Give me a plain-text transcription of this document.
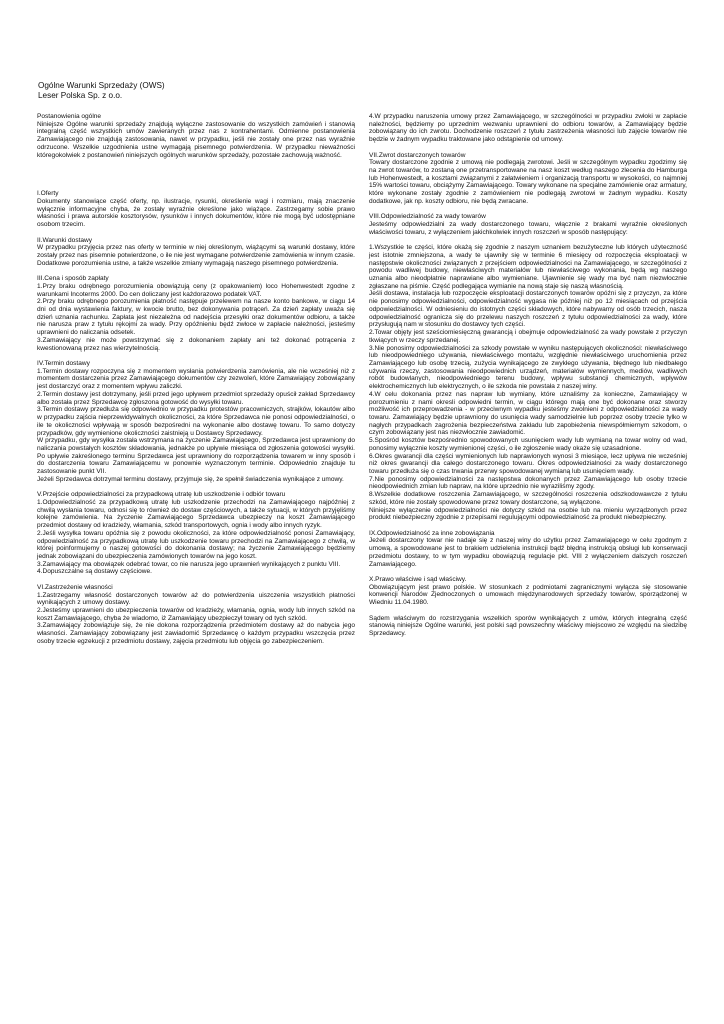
Ogólne Warunki Sprzedaży (OWS)
Leser Polska Sp. z o.o.
Postanowienia ogólne
Niniejsze Ogólne warunki sprzedaży znajdują wyłączne zastosowanie do wszystkich zamówień i stanowią integralną część wszystkich umów zawieranych przez nas z kontrahentami. Odmienne postanowienia Zamawiającego nie znajdują zastosowania, nawet w przypadku, jeśli nie zostały one przez nas wyraźnie odrzucone. Wszelkie uzgodnienia ustne wymagają pisemnego potwierdzenia. W przypadku nieważności któregokolwiek z postanowień niniejszych ogólnych warunków sprzedaży, pozostałe zachowują ważność.
I.Oferty
Dokumenty stanowiące część oferty, np. ilustracje, rysunki, określenie wagi i rozmiaru, mają znaczenie wyłącznie informacyjne chyba, że zostały wyraźnie określone jako wiążące. Zastrzegamy sobie prawo własności i prawa autorskie kosztorysów, rysunków i innych dokumentów, które nie mogą być udostępniane osobom trzecim.
II.Warunki dostawy
W przypadku przyjęcia przez nas oferty w terminie w niej określonym, wiążącymi są warunki dostawy, które zostały przez nas pisemnie potwierdzone, o ile nie jest wymagane potwierdzenie zamówienia w innym czasie. Dodatkowe porozumienia ustne, a także wszelkie zmiany wymagają naszego pisemnego potwierdzenia.
III.Cena i sposób zapłaty
1.Przy braku odrębnego porozumienia obowiązują ceny (z opakowaniem) loco Hohenwestedt zgodne z warunkami Incoterms 2000. Do cen doliczany jest każdorazowo podatek VAT.
2.Przy braku odrębnego porozumienia płatność następuje przelewem na nasze konto bankowe, w ciągu 14 dni od dnia wystawienia faktury, w kwocie brutto, bez dokonywania potrąceń. Za dzień zapłaty uważa się dzień uznania rachunku. Zapłata jest niezależna od nadejścia przesyłki oraz dokumentów odbioru, a także nie narusza praw z tytułu rękojmi za wady. Przy opóźnieniu będź zwłoce w zapłacie należności, jesteśmy uprawnieni do naliczania odsetek.
3.Zamawiający nie może powstrzymać się z dokonaniem zapłaty ani też dokonać potrącenia z kwestionowaną przez nas wierzytelnością.
IV.Termin dostawy
1.Termin dostawy rozpoczyna się z momentem wysłania potwierdzenia zamówienia, ale nie wcześniej niż z momentem dostarczenia przez Zamawiającego dokumentów czy zezwoleń, które Zamawiający zobowiązany jest dostarczyć oraz z momentem wpływu zaliczki.
2.Termin dostawy jest dotrzymany, jeśli przed jego upływem przedmiot sprzedaży opuścił zakład Sprzedawcy albo została przez Sprzedawcę zgłoszona gotowość do wysyłki towaru.
3.Termin dostawy przedłuża się odpowiednio w przypadku protestów pracowniczych, strajków, lokautów albo w przypadku zajścia nieprzewidywalnych okoliczności, za które Sprzedawca nie ponosi odpowiedzialności, o ile te okoliczności wpływają w sposób bezpośredni na wykonanie albo dostawę towaru. To samo dotyczy przypadków, gdy wymienione okoliczności zaistnieją u Dostawcy Sprzedawcy.
W przypadku, gdy wysyłka została wstrzymana na życzenie Zamawiającego, Sprzedawca jest uprawniony do naliczania powstałych kosztów składowania, jednakże po upływie miesiąca od zgłoszenia gotowości wysyłki. Po upływie zakreślonego terminu Sprzedawca jest uprawniony do rozporządzenia towarem w inny sposób i do dostarczenia towaru Zamawiającemu w ponownie wyznaczonym terminie. Odpowiednio znajduje tu zastosowanie punkt VII.
Jeżeli Sprzedawca dotrzymał terminu dostawy, przyjmuje się, że spełnił świadczenia wynikające z umowy.
V.Przejście odpowiedzialności za przypadkową utratę lub uszkodzenie i odbiór towaru
1.Odpowiedzialność za przypadkową utratę lub uszkodzenie przechodzi na Zamawiającego najpóźniej z chwilą wysłania towaru, odnosi się to również do dostaw częściowych, a także sytuacji, w których przyjęliśmy kolejne zamówienia. Na życzenie Zamawiającego Sprzedawca ubezpieczy na koszt Zamawiającego przedmiot dostawy od kradzieży, włamania, szkód transportowych, ognia i wody albo innych ryzyk.
2.Jeśli wysyłka towaru opóźnia się z powodu okoliczności, za które odpowiedzialność ponosi Zamawiający, odpowiedzialność za przypadkową utratę lub uszkodzenie towaru przechodzi na Zamawiającego z chwilą, w której poinformujemy o naszej gotowości do dokonania dostawy; na życzenie Zamawiającego będziemy jednak zobowiązani do ubezpieczenia zamówionych towarów na jego koszt.
3.Zamawiający ma obowiązek odebrać towar, co nie narusza jego uprawnień wynikających z punktu VIII.
4.Dopuszczalne są dostawy częściowe.
VI.Zastrzeżenie własności
1.Zastrzegamy własność dostarczonych towarów aż do potwierdzenia uiszczenia wszystkich płatności wynikających z umowy dostawy.
2.Jesteśmy uprawnieni do ubezpieczenia towarów od kradzieży, włamania, ognia, wody lub innych szkód na koszt Zamawiającego, chyba że wiadomo, iż Zamawiający ubezpieczył towary od tych szkód.
3.Zamawiający zobowiązuje się, że nie dokona rozporządzenia przedmiotem dostawy aż do nabycia jego własności. Zamawiający zobowiązany jest zawiadomić Sprzedawcę o każdym przypadku wszczęcia przez osoby trzecie egzekucji z przedmiotu dostawy, zajęcia przedmiotu lub objęcia go zabezpieczeniem.
4.W przypadku naruszenia umowy przez Zamawiającego, w szczególności w przypadku zwłoki w zapłacie należności, będziemy po uprzednim wezwaniu uprawnieni do odbioru towarów, a Zamawiający będzie zobowiązany do ich zwrotu. Dochodzenie roszczeń z tytułu zastrzeżenia własności lub zajęcie towarów nie będzie w żadnym wypadku traktowane jako odstąpienie od umowy.
VII.Zwrot dostarczonych towarów
Towary dostarczone zgodnie z umową nie podlegają zwrotowi. Jeśli w szczególnym wypadku zgodzimy się na zwrot towarów, to zostaną one przetransportowane na nasz koszt według naszego zlecenia do Hamburga lub Hohenwestedt, a kosztami związanymi z załatwieniem i organizacją transportu w wysokości, co najmniej 15% wartości towaru, obciążymy Zamawiającego. Towary wykonane na specjalne zamówienie oraz armatury, które wykonane zostały zgodnie z zamówieniem nie podlegają zwrotowi w żadnym wypadku. Koszty dodatkowe, jak np. koszty odbioru, nie będą zwracane.
VIII.Odpowiedzialność za wady towarów
Jesteśmy odpowiedzialni za wady dostarczonego towaru, włącznie z brakami wyraźnie określonych właściwości towaru, z wyłączeniem jakichkolwiek innych roszczeń w sposób następujący:

1.Wszystkie te części, które okażą się zgodnie z naszym uznaniem bezużyteczne lub których użyteczność jest istotnie zmniejszona, a wady te ujawniły się w terminie 6 miesięcy od rozpoczęcia eksploatacji w następstwie okoliczności związanych z przejściem odpowiedzialności na Zamawiającego, w szczególności z powodu wadliwej budowy, niewłaściwych materiałów lub niewłaściwego wykonania, będą wg naszego uznania albo nieodpłatnie naprawiane albo wymieniane. Ujawnienie się wady ma być nam niezwłocznie zgłaszane na piśmie. Część podlegająca wymianie na nową staje się naszą własnością.
Jeśli dostawa, instalacja lub rozpoczęcie eksploatacji dostarczonych towarów opóźni się z przyczyn, za które nie ponosimy odpowiedzialności, odpowiedzialność wygasa nie później niż po 12 miesiącach od przejścia odpowiedzialności. W odniesieniu do istotnych części składowych, które nabywamy od osób trzecich, nasza odpowiedzialność ogranicza się do przelewu naszych roszczeń z tytułu odpowiedzialności za wady, które przysługują nam w stosunku do dostawcy tych części.
2.Towar objęty jest sześciomiesięczną gwarancją i obejmuje odpowiedzialność za wady powstałe z przyczyn tkwiących w rzeczy sprzedanej.
3.Nie ponosimy odpowiedzialności za szkody powstałe w wyniku następujących okoliczności: niewłaściwego lub nieodpowiedniego używania, niewłaściwego montażu, względnie niewłaściwego uruchomienia przez Zamawiającego lub osobę trzecią, zużycia wynikającego ze zwykłego używania, błędnego lub niedbałego używania rzeczy, zastosowania nieodpowiednich urządzeń, materiałów wymiennych, mediów, wadliwych robót budowlanych, nieodpowiedniego terenu budowy, wpływu substancji chemicznych, wpływów elektrochemicznych lub elektrycznych, o ile szkoda nie powstała z naszej winy.
4.W celu dokonania przez nas napraw lub wymiany, które uznaliśmy za konieczne, Zamawiający w porozumieniu z nami okresli odpowiedni termin, w ciągu którego mają one być dokonane oraz stworzy możliwość ich przeprowadzenia - w przeciwnym wypadku jesteśmy zwolnieni z odpowiedzialności za wady towaru. Zamawiający będzie uprawniony do usunięcia wady samodzielnie lub poprzez osoby trzecie tylko w nagłych przypadkach zagrożenia bezpieczeństwa zakładu lub zapobieżenia niewspółmiernym szkodom, o czym zobowiązany jest nas niezwłocznie zawiadomić.
5.Spośród kosztów bezpośrednio spowodowanych usunięciem wady lub wymianą na towar wolny od wad, ponosimy wyłącznie koszty wymienionej części, o ile zgłoszenie wady okaże się uzasadnione.
6.Okres gwarancji dla części wymienionych lub naprawionych wynosi 3 miesiące, lecz upływa nie wcześniej niż okres gwarancji dla całego dostarczonego towaru. Okres odpowiedzialności za wady dostarczonego towaru przedłuża się o czas trwania przerwy spowodowanej wymianą lub usunięciem wady.
7.Nie ponosimy odpowiedzialności za następstwa dokonanych przez Zamawiającego lub osoby trzecie nieodpowiednich zmian lub napraw, na które uprzednio nie wyraziliśmy zgody.
8.Wszelkie dodatkowe roszczenia Zamawiającego, w szczególności roszczenia odszkodowawcze z tytułu szkód, które nie zostały spowodowane przez towary dostarczone, są wyłączone.
Niniejsze wyłączenie odpowiedzialności nie dotyczy szkód na osobie lub na mieniu wyrządzonych przez produkt niebezpieczny zgodnie z przepisami regulującymi odpowiedzialność za produkt niebezpieczny.
IX.Odpowiedzialność za inne zobowiązania
Jeżeli dostarczony towar nie nadaje się z naszej winy do użytku przez Zamawiającego w celu zgodnym z umową, a spowodowane jest to brakiem udzielenia instrukcji bądź błędną instrukcją obsługi lub konserwacji przedmiotu dostawy, to w tym wypadku obowiązują regulacje pkt. VIII z wyłączeniem dalszych roszczeń Zamawiającego.
X.Prawo właściwe i sąd właściwy.
Obowiązującym jest prawo polskie. W stosunkach z podmiotami zagranicznymi wyłącza się stosowanie konwencji Narodów Zjednoczonych o umowach międzynarodowych sprzedaży towarów, sporządzonej w Wiedniu 11.04.1980.

Sądem właściwym do rozstrzygania wszelkich sporów wynikających z umów, których integralną część stanowią niniejsze Ogólne warunki, jest polski sąd powszechny właściwy miejscowo ze względu na siedzibę Sprzedawcy.
